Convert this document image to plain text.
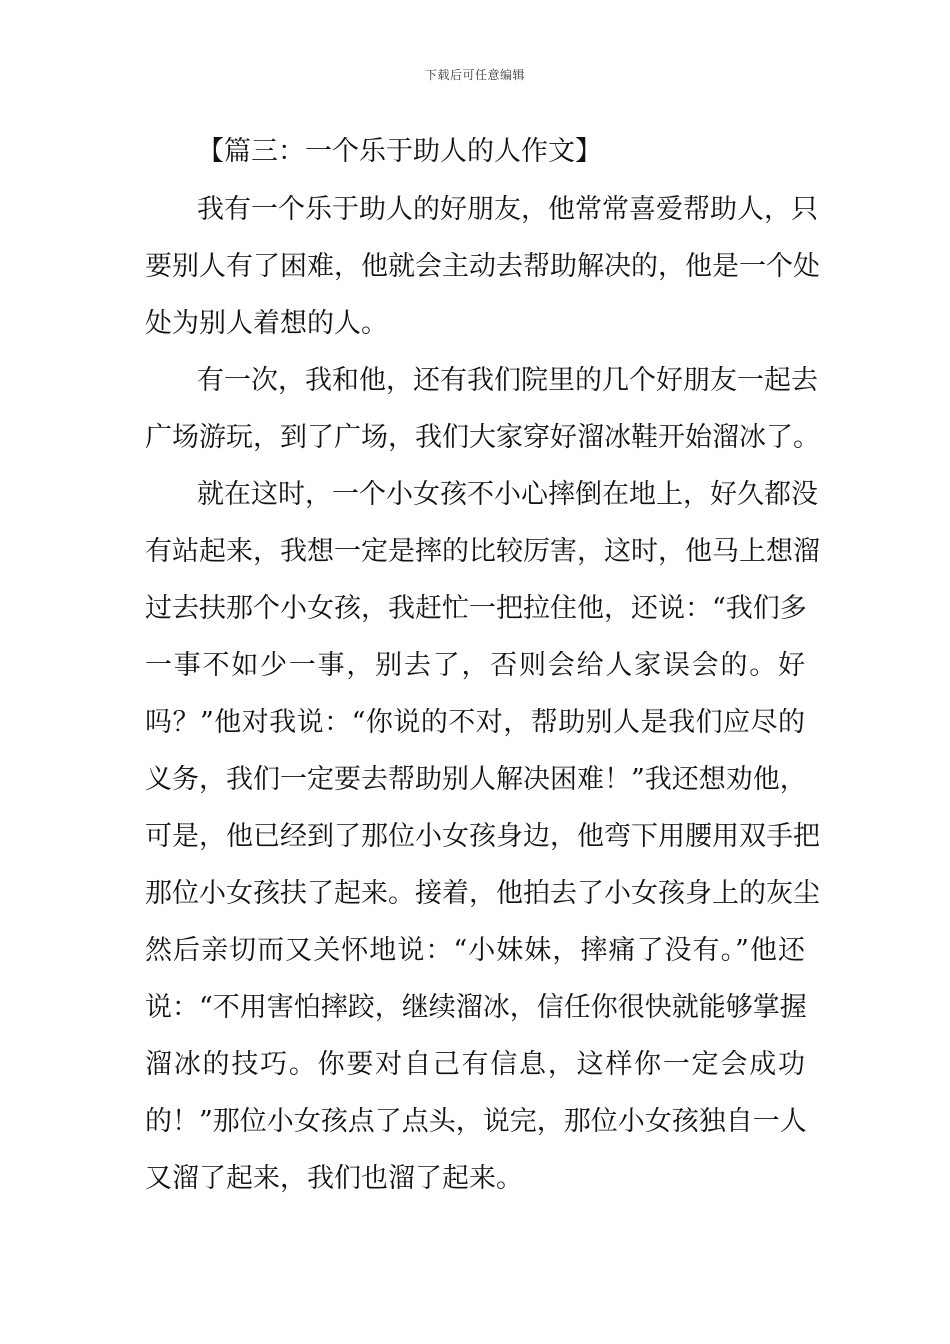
下载后可任意编辑
【篇三：一个乐于助人的人作文】
我有一个乐于助人的好朋友，他常常喜爱帮助人，只
要别人有了困难，他就会主动去帮助解决的，他是一个处
处为别人着想的人。
有一次，我和他，还有我们院里的几个好朋友一起去
广场游玩，到了广场，我们大家穿好溜冰鞋开始溜冰了。
就在这时，一个小女孩不小心摔倒在地上，好久都没
有站起来，我想一定是摔的比较厉害，这时，他马上想溜
过去扶那个小女孩，我赶忙一把拉住他，还说：“我们多
一事不如少一事，别去了，否则会给人家误会的。好
吗？”他对我说：“你说的不对，帮助别人是我们应尽的
义务，我们一定要去帮助别人解决困难！”我还想劝他，
可是，他已经到了那位小女孩身边，他弯下用腰用双手把
那位小女孩扶了起来。接着，他拍去了小女孩身上的灰尘
然后亲切而又关怀地说：“小妹妹，摔痛了没有。”他还
说：“不用害怕摔跤，继续溜冰，信任你很快就能够掌握
溜冰的技巧。你要对自己有信息，这样你一定会成功
的！”那位小女孩点了点头，说完，那位小女孩独自一人
又溜了起来，我们也溜了起来。
